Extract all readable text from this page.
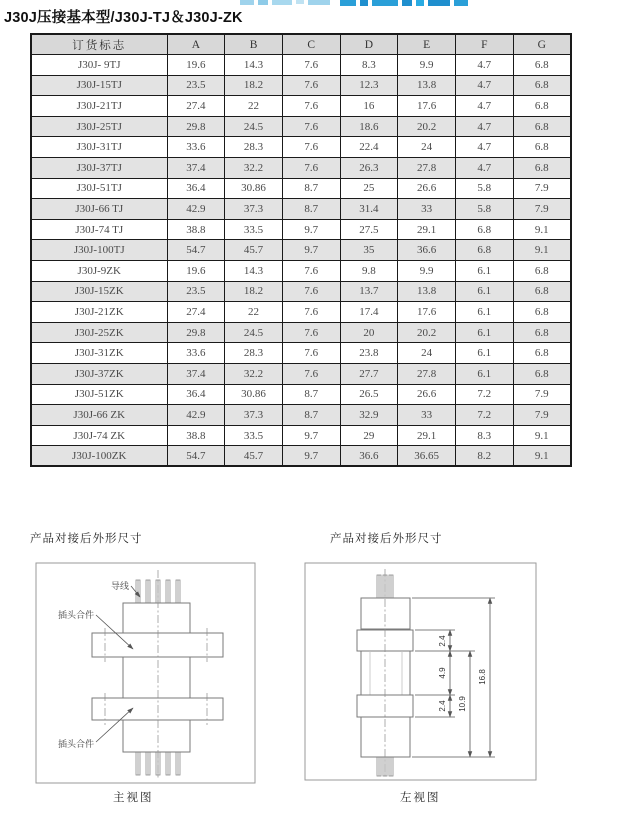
J30J压接基本型/J30J-TJ＆J30J-ZK
订货标志	A	B	C	D	E	F	G
J30J- 9TJ	19.6	14.3	7.6	8.3	9.9	4.7	6.8
J30J-15TJ	23.5	18.2	7.6	12.3	13.8	4.7	6.8
J30J-21TJ	27.4	22	7.6	16	17.6	4.7	6.8
J30J-25TJ	29.8	24.5	7.6	18.6	20.2	4.7	6.8
J30J-31TJ	33.6	28.3	7.6	22.4	24	4.7	6.8
J30J-37TJ	37.4	32.2	7.6	26.3	27.8	4.7	6.8
J30J-51TJ	36.4	30.86	8.7	25	26.6	5.8	7.9
J30J-66 TJ	42.9	37.3	8.7	31.4	33	5.8	7.9
J30J-74 TJ	38.8	33.5	9.7	27.5	29.1	6.8	9.1
J30J-100TJ	54.7	45.7	9.7	35	36.6	6.8	9.1
J30J-9ZK	19.6	14.3	7.6	9.8	9.9	6.1	6.8
J30J-15ZK	23.5	18.2	7.6	13.7	13.8	6.1	6.8
J30J-21ZK	27.4	22	7.6	17.4	17.6	6.1	6.8
J30J-25ZK	29.8	24.5	7.6	20	20.2	6.1	6.8
J30J-31ZK	33.6	28.3	7.6	23.8	24	6.1	6.8
J30J-37ZK	37.4	32.2	7.6	27.7	27.8	6.1	6.8
J30J-51ZK	36.4	30.86	8.7	26.5	26.6	7.2	7.9
J30J-66 ZK	42.9	37.3	8.7	32.9	33	7.2	7.9
J30J-74 ZK	38.8	33.5	9.7	29	29.1	8.3	9.1
J30J-100ZK	54.7	45.7	9.7	36.6	36.65	8.2	9.1
产品对接后外形尺寸
导线
插头合件
插头合件
主视图
产品对接后外形尺寸
2.4
4.9
2.4 10.9
16.8
左视图
